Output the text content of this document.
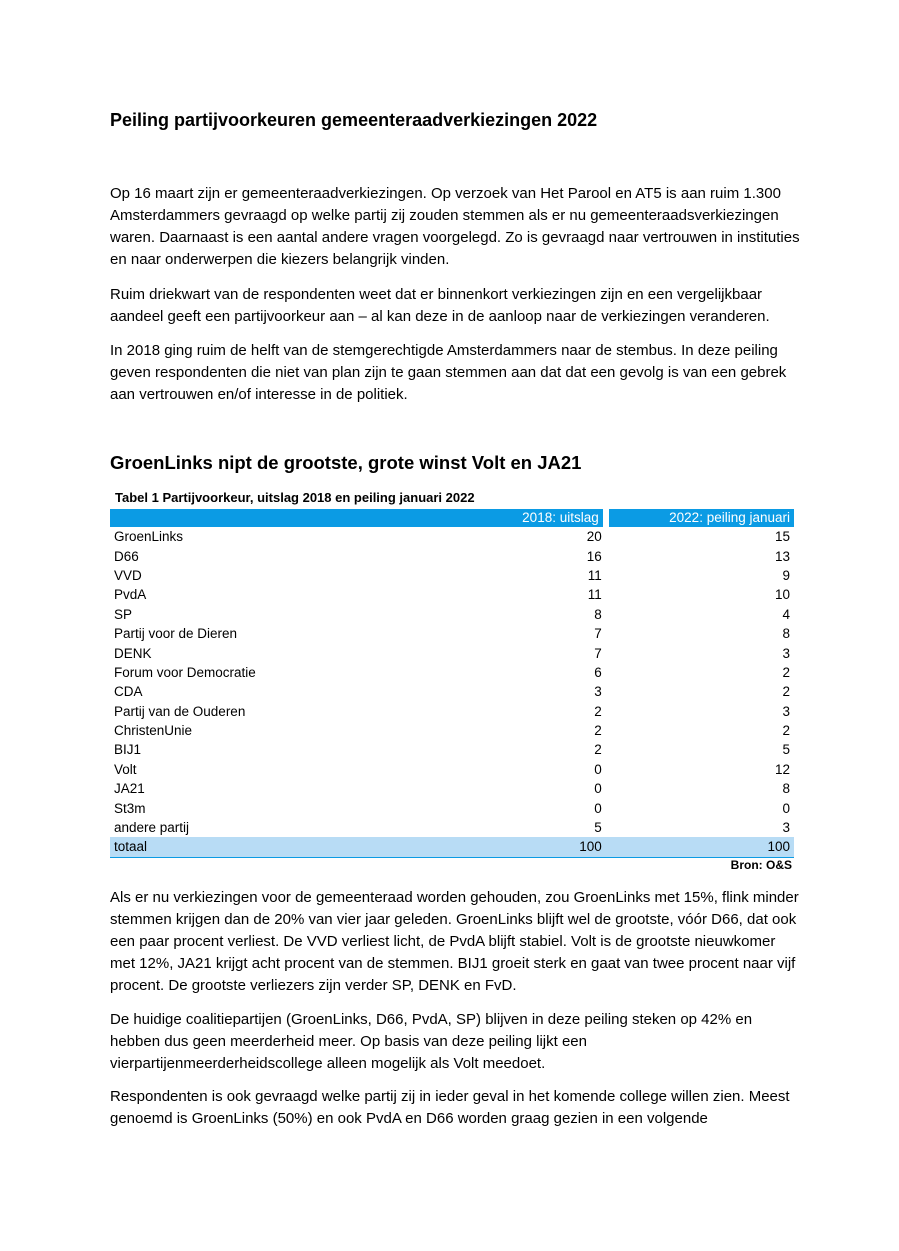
Peiling partijvoorkeuren gemeenteraadverkiezingen 2022

Op 16 maart zijn er gemeenteraadverkiezingen. Op verzoek van Het Parool en AT5 is aan ruim 1.300 Amsterdammers gevraagd op welke partij zij zouden stemmen als er nu gemeenteraadsverkiezingen waren. Daarnaast is een aantal andere vragen voorgelegd. Zo is gevraagd naar vertrouwen in instituties en naar onderwerpen die kiezers belangrijk vinden.

Ruim driekwart van de respondenten weet dat er binnenkort verkiezingen zijn en een vergelijkbaar aandeel geeft een partijvoorkeur aan – al kan deze in de aanloop naar de verkiezingen veranderen.

In 2018 ging ruim de helft van de stemgerechtigde Amsterdammers naar de stembus. In deze peiling geven respondenten die niet van plan zijn te gaan stemmen aan dat dat een gevolg is van een gebrek aan vertrouwen en/of interesse in de politiek.

GroenLinks nipt de grootste, grote winst Volt en JA21
Tabel 1 Partijvoorkeur, uitslag 2018 en peiling januari 2022
	2018: uitslag	2022: peiling januari
GroenLinks	20	15
D66	16	13
VVD	11	9
PvdA	11	10
SP	8	4
Partij voor de Dieren	7	8
DENK	7	3
Forum voor Democratie	6	2
CDA	3	2
Partij van de Ouderen	2	3
ChristenUnie	2	2
BIJ1	2	5
Volt	0	12
JA21	0	8
St3m	0	0
andere partij	5	3
totaal	100	100
Bron: O&S

Als er nu verkiezingen voor de gemeenteraad worden gehouden, zou GroenLinks met 15%, flink minder stemmen krijgen dan de 20% van vier jaar geleden. GroenLinks blijft wel de grootste, vóór D66, dat ook een paar procent verliest. De VVD verliest licht, de PvdA blijft stabiel. Volt is de grootste nieuwkomer met 12%, JA21 krijgt acht procent van de stemmen. BIJ1 groeit sterk en gaat van twee procent naar vijf procent. De grootste verliezers zijn verder SP, DENK en FvD.

De huidige coalitiepartijen (GroenLinks, D66, PvdA, SP) blijven in deze peiling steken op 42% en hebben dus geen meerderheid meer. Op basis van deze peiling lijkt een vierpartijenmeerderheidscollege alleen mogelijk als Volt meedoet.

Respondenten is ook gevraagd welke partij zij in ieder geval in het komende college willen zien. Meest genoemd is GroenLinks (50%) en ook PvdA en D66 worden graag gezien in een volgende
